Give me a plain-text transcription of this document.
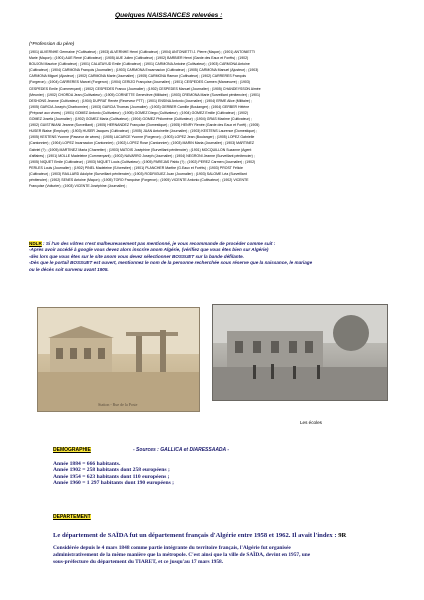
Quelques NAISSANCES relevées :
(*Profession du père)
(1901) ALVERNHE Germaine (*Cultivateur) ; (1903) ALVERNHE Henri (Cultivateur) ; (1904) ANTONIETTI J. Pierre (Maçon) ; (1901) ANTONIETTI
Marie (Maçon) ; (1901) AUE René (Cultivateur) ; (1905) AUE Julien (Cultivateur) ; (1902) BARBIER Henri (Garde des Eaux et Forêts) ; (1902)
BOUJON Maurice (Cultivateur) ; (1901) CALATAYUD Emile (Cultivateur) ; (1901) CARMONA Antoine (Cultivateur) ; (1903) CARMONA Antoine
(Cultivateur) ; (1904) CARMONA François (Journalier) ; (1903) CARMONA Encarnacion (Cultivateur) ; (1905) CARMONA Manuel (Ajusteur) ; (1903)
CARMONA Miguel (Ajusteur) ; (1902) CARMONA Marie (Journalier) ; (1905) CARMONA Ramon (Cultivateur) ; (1902) CARRERES François
(Forgeron) ; (1904) CARRERES Marcel (Forgeron) ; (1904) CERIZO Françoise (Journalier) ; (1901) CESPEDES Carmen (Manœuvre) ; (1903)
CESPEDES Emile (Commerçant) ; (1902) CESPEDES Franco (Journalier) ; (1902) CESPEDES Manuel (Journalier) ; (1905) CHANDEYSSON Aimée
(Meunier) ; (1902) CHORDA Jean (Cultivateur) ; (1905) CORNETTE Geneviève (Militaire) ; (1903) CREMONA Marie (Surveillant pénitencier) ; (1901)
DESHONS Jeanne (Cultivateur) ; (1904) DUPRAT Renée (Receveur PTT) ; (1901) ENSINA Antonio (Journalier) ; (1904) ERME Alice (Militaire) ;
(1905) GARCIA Joseph (Charbonnier) ; (1903) GARCIA Thomas (Journalier) ; (1903) GERBER Camille (Boulanger) ; (1904) GERBER Hélène
(Préposé aux vivres) ; (1901) GOMEZ Antonio (Cultivateur) ; (1905) GOMEZ Diego (Cultivateur) ; (1904) GOMEZ Emilie (Cultivateur) ; (1902)
GOMEZ Josefa (Journalier) ; (1902) GOMEZ Maria (Cultivateur) ; (1904) GOMEZ Philomène (Cultivateur) ; (1904) GRAS Maxime (Cultivateur) ;
(1902) GUISTINIANI Jeanne (Surveillant) ; (1905) HERNANDEZ Françoise (Domestique) ; (1905) HENRY Renée (Garde des Eaux et Forêt) ; (1905)
HUSER Blaise (Employé) ; (1903) HUSER Jacques (Cultivateur) ; (1905) JUAN Antoinette (Journalier) ; (1903) KESTENS Laurence (Domestique) ;
(1905) KESTENS Yvonne (Passeur de wines) ; (1905) LACARCE Yvonne (Forgeron) ; (1903) LOPEZ Jean (Boulanger) ; (1905) LOPEZ Gabrielle
(Cantonnier) ; (1904) LOPEZ Incarnacion (Cantonnier) ; (1902) LOPEZ Rose (Cantonnier) ; (1903) MARIN Maria (Journalier) ; (1903) MARTINEZ
Gabriel (?) ; (1905) MARTINEZ Maria (Charretier) ; (1903) MATOIS Joséphine (Surveillant pénitencier) ; (1901) MOCQUILLON Suzanne (Agent
d'affaires) ; (1901) MOLLE Madeleine (Commerçant) ; (1902) NAVARRO Joseph (Journalier) ; (1904) NEGRONI Jeanne (Surveillant pénitencier) ;
(1905) NIQUET Emile (Cultivateur) ; (1903) NIQUET Louis (Cultivateur) ; (1905) PAREJAS Pablo (?) ; (1902) PEREZ Carmen (Journalier) ; (1902)
PERLES Louis (Journalier) ; (1902) PINEL Madeleine (S.forestier) ; (1901) PLANCHER Marthe (G.Eaux et Forêts) ; (1903) PROST Félicie
(Cultivateur) ; (1903) RAILLARD Adolphe (Surveillant pénitencier) ; (1903) RODRIGUEZ Juan (Journalier) ; (1903) SALOME Léa (Surveillant
pénitencier) ; (1902) SENES Antoine (Maçon) ; (1905) TORO Françoise (Forgeron) ; (1905) VICENTE Antonio (Cultivateur) ; (1902) VICENTE
Françoise (Voiturier) ; (1903) VICENTE Joséphine (Journalier) ;
NDLR : Si l'un des vôtres n'est malheureusement pas mentionné, je vous recommande de procéder comme suit :
-Après avoir accédé à google vous devez alors inscrire anom Algérie, (vérifiez que vous êtes bien sur Algérie)
-dès lors que vous êtes sur le site anom vous devez sélectionner BOSSUET sur la bande défilante.
-Dès que le portail BOSSUET est ouvert, mentionnez le nom de la personne recherchée sous réserve que la naissance, le mariage
ou le décès soit survenu avant 1905.
Station - Rue de la Poste
Les écoles
DEMOGRAPHIE	- Sources : GALLICA et DIARESSAADA -
Année 1884 = 666 habitants.
Année 1902 = 258 habitants dont 258 européens ;
Année 1954 = 623 habitants dont 110 européens ;
Année 1960 = 1 297 habitants dont 190 européens ;
DEPARTEMENT
Le département de SAÏDA fut un département français d'Algérie entre 1958 et 1962. Il avait l'index : 9R
Considérée depuis le 4 mars 1848 comme partie intégrante du territoire français, l'Algérie fut organisée
administrativement de la même manière que la métropole. C'est ainsi que la ville de SAÏDA, devint en 1957, une
sous-préfecture du département du TIARET, et ce jusqu'au 17 mars 1958.
